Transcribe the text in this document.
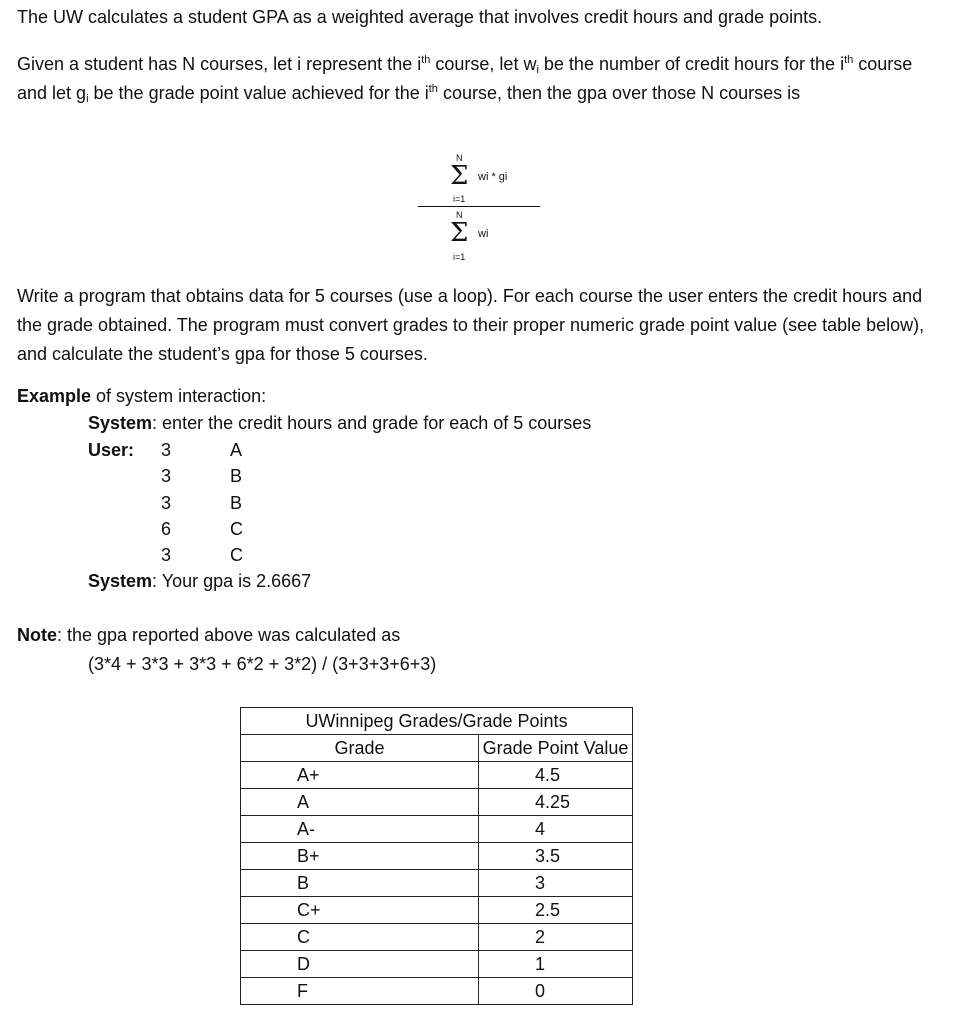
The UW calculates a student GPA as a weighted average that involves credit hours and grade points.

Given a student has N courses, let i represent the $i^{th}$ course, let $w_i$ be the number of credit hours for the $i^{th}$ course and let $g_i$ be the grade point value achieved for the $i^{th}$ course, then the gpa over those N courses is

N
Σ wi * gi
i=1
N
Σ wi
i=1

Write a program that obtains data for 5 courses (use a loop). For each course the user enters the credit hours and the grade obtained. The program must convert grades to their proper numeric grade point value (see table below), and calculate the student’s gpa for those 5 courses.

Example of system interaction:
System: enter the credit hours and grade for each of 5 courses
User: 3	A
3	B
3	B
6	C
3	C
System: Your gpa is 2.6667
Note: the gpa reported above was calculated as
(3*4 + 3*3 + 3*3 + 6*2 + 3*2) / (3+3+3+6+3)
UWinnipeg Grades/Grade Points	
Grade	Grade Point Value
A+	4.5
A	4.25
A-	4
B+	3.5
B	3
C+	2.5
C	2
D	1
F	0
